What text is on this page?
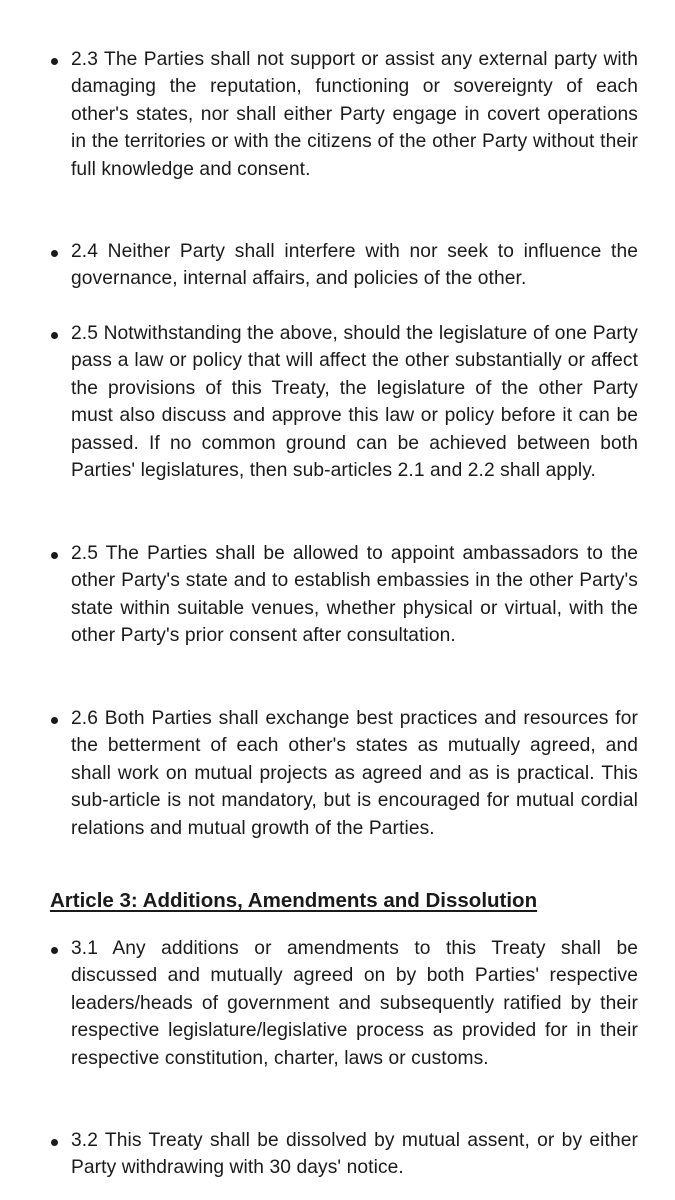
2.3 The Parties shall not support or assist any external party with damaging the reputation, functioning or sovereignty of each other's states, nor shall either Party engage in covert operations in the territories or with the citizens of the other Party without their full knowledge and consent.

2.4 Neither Party shall interfere with nor seek to influence the governance, internal affairs, and policies of the other.

2.5 Notwithstanding the above, should the legislature of one Party pass a law or policy that will affect the other substantially or affect the provisions of this Treaty, the legislature of the other Party must also discuss and approve this law or policy before it can be passed. If no common ground can be achieved between both Parties' legislatures, then sub-articles 2.1 and 2.2 shall apply.

2.5 The Parties shall be allowed to appoint ambassadors to the other Party's state and to establish embassies in the other Party's state within suitable venues, whether physical or virtual, with the other Party's prior consent after consultation.

2.6 Both Parties shall exchange best practices and resources for the betterment of each other's states as mutually agreed, and shall work on mutual projects as agreed and as is practical. This sub-article is not mandatory, but is encouraged for mutual cordial relations and mutual growth of the Parties.

Article 3: Additions, Amendments and Dissolution

3.1 Any additions or amendments to this Treaty shall be discussed and mutually agreed on by both Parties' respective leaders/heads of government and subsequently ratified by their respective legislature/legislative process as provided for in their respective constitution, charter, laws or customs.

3.2 This Treaty shall be dissolved by mutual assent, or by either Party withdrawing with 30 days' notice.
